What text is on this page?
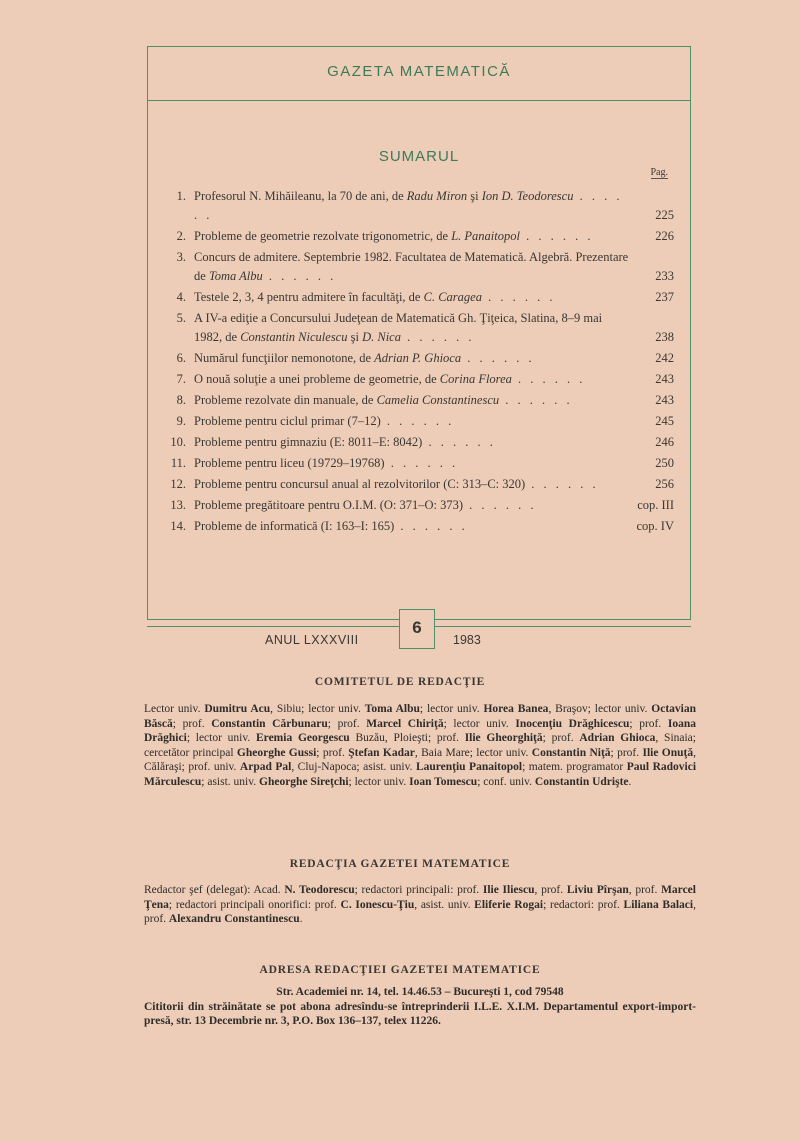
GAZETA MATEMATICĂ
SUMARUL
Pag.
1. Profesorul N. Mihăileanu, la 70 de ani, de Radu Miron şi Ion D. Teodorescu . . . . . .	225
2. Probleme de geometrie rezolvate trigonometric, de L. Panaitopol . . . . . .	226
3. Concurs de admitere. Septembrie 1982. Facultatea de Matematică. Algebră. Prezentare de Toma Albu . . . . . .	233
4. Testele 2, 3, 4 pentru admitere în facultăţi, de C. Caragea . . . . . .	237
5. A IV-a ediţie a Concursului Judeţean de Matematică Gh. Ţiţeica, Slatina, 8–9 mai 1982, de Constantin Niculescu şi D. Nica . . . . . .	238
6. Numărul funcţiilor nemonotone, de Adrian P. Ghioca . . . . . .	242
7. O nouă soluţie a unei probleme de geometrie, de Corina Florea . . . . . .	243
8. Probleme rezolvate din manuale, de Camelia Constantinescu . . . . . .	243
9. Probleme pentru ciclul primar (7–12) . . . . . .	245
10. Probleme pentru gimnaziu (E: 8011–E: 8042) . . . . . .	246
11. Probleme pentru liceu (19729–19768) . . . . . .	250
12. Probleme pentru concursul anual al rezolvitorilor (C: 313–C: 320) . . . . . .	256
13. Probleme pregătitoare pentru O.I.M. (O: 371–O: 373) . . . . . .	cop. III
14. Probleme de informatică (I: 163–I: 165) . . . . . .	cop. IV
ANUL LXXXVIII
6
1983
COMITETUL DE REDACŢIE
Lector univ. Dumitru Acu, Sibiu; lector univ. Toma Albu; lector univ. Horea Banea, Braşov; lector univ. Octavian Băscă; prof. Constantin Cărbunaru; prof. Marcel Chiriţă; lector univ. Inocenţiu Drăghicescu; prof. Ioana Drăghici; lector univ. Eremia Georgescu Buzău, Ploieşti; prof. Ilie Gheorghiţă; prof. Adrian Ghioca, Sinaia; cercetător principal Gheorghe Gussi; prof. Ştefan Kadar, Baia Mare; lector univ. Constantin Niţă; prof. Ilie Onuţă, Călăraşi; prof. univ. Arpad Pal, Cluj-Napoca; asist. univ. Laurenţiu Panaitopol; matem. programator Paul Radovici Mărculescu; asist. univ. Gheorghe Sireţchi; lector univ. Ioan Tomescu; conf. univ. Constantin Udrişte.
REDACŢIA GAZETEI MATEMATICE
Redactor şef (delegat): Acad. N. Teodorescu; redactori principali: prof. Ilie Iliescu, prof. Liviu Pîrşan, prof. Marcel Ţena; redactori principali onorifici: prof. C. Ionescu-Ţiu, asist. univ. Eliferie Rogai; redactori: prof. Liliana Balaci, prof. Alexandru Constantinescu.
ADRESA REDACŢIEI GAZETEI MATEMATICE
Str. Academiei nr. 14, tel. 14.46.53 – Bucureşti 1, cod 79548
Cititorii din străinătate se pot abona adresîndu-se întreprinderii I.L.E. X.I.M. Departamentul export-import-presă, str. 13 Decembrie nr. 3, P.O. Box 136–137, telex 11226.
